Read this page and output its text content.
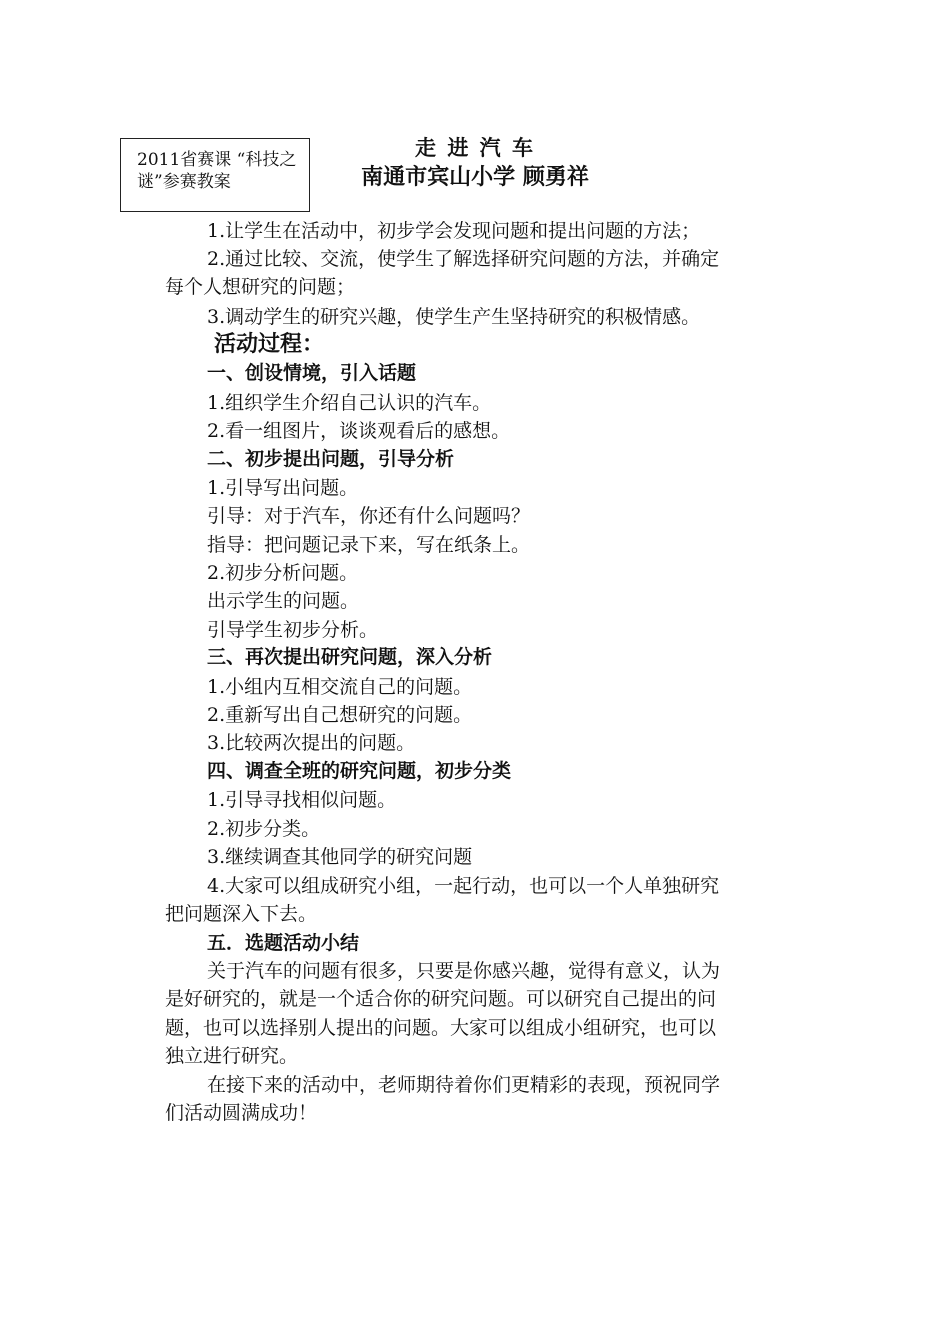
2011省赛课 “科技之谜”参赛教案
走 进 汽 车
南通市宾山小学 顾勇祥
1.让学生在活动中，初步学会发现问题和提出问题的方法；
2.通过比较、交流，使学生了解选择研究问题的方法，并确定
每个人想研究的问题；
3.调动学生的研究兴趣，使学生产生坚持研究的积极情感。
活动过程：
一、创设情境，引入话题
1.组织学生介绍自己认识的汽车。
2.看一组图片，谈谈观看后的感想。
二、初步提出问题，引导分析
1.引导写出问题。
引导：对于汽车，你还有什么问题吗？
指导：把问题记录下来，写在纸条上。
2.初步分析问题。
出示学生的问题。
引导学生初步分析。
三、再次提出研究问题，深入分析
1.小组内互相交流自己的问题。
2.重新写出自己想研究的问题。
3.比较两次提出的问题。
四、调查全班的研究问题，初步分类
1.引导寻找相似问题。
2.初步分类。
3.继续调查其他同学的研究问题
4.大家可以组成研究小组，一起行动，也可以一个人单独研究
把问题深入下去。
五．选题活动小结
关于汽车的问题有很多，只要是你感兴趣，觉得有意义，认为
是好研究的，就是一个适合你的研究问题。可以研究自己提出的问
题，也可以选择别人提出的问题。大家可以组成小组研究，也可以
独立进行研究。
在接下来的活动中，老师期待着你们更精彩的表现，预祝同学
们活动圆满成功！
